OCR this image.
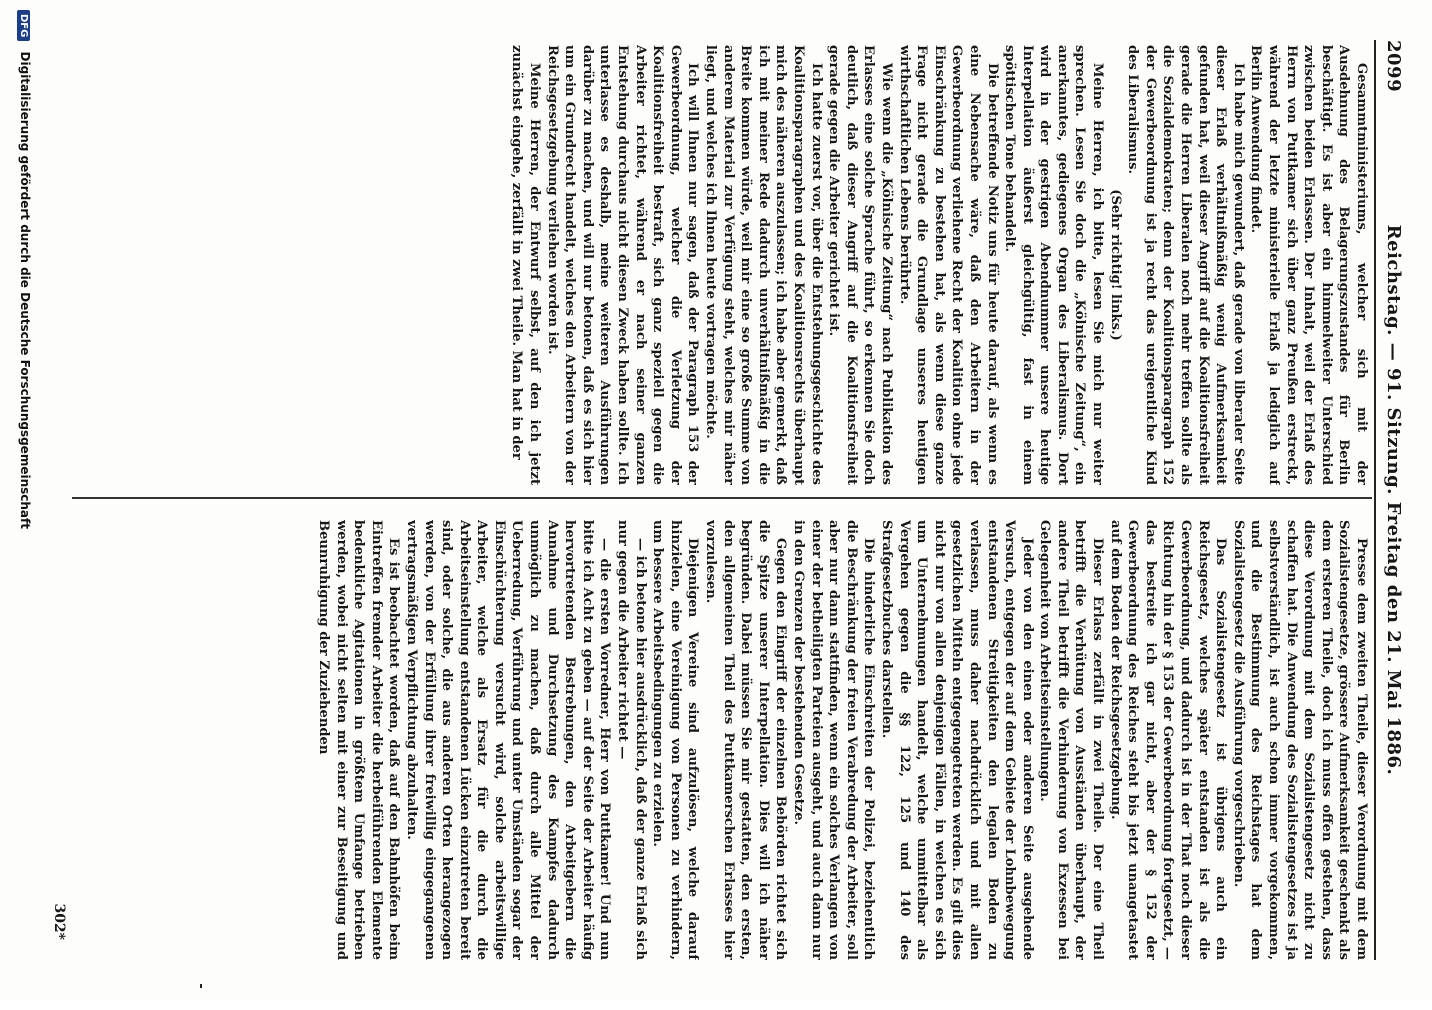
2099
Reichstag. — 91. Sitzung. Freitag den 21. Mai 1886.

Gesammtministeriums, welcher sich mit der Ausdehnung des Belagerungszustandes für Berlin beschäftigt. Es ist aber ein himmelweiter Unterschied zwischen beiden Erlassen. Der Inhalt, weil der Erlaß des Herrn von Puttkamer sich über ganz Preußen erstreckt, während der letzte ministerielle Erlaß ja lediglich auf Berlin Anwendung findet.

Ich habe mich gewundert, daß gerade von liberaler Seite dieser Erlaß verhältnißmäßig wenig Aufmerksamkeit gefunden hat, weil dieser Angriff auf die Koalitionsfreiheit gerade die Herren Liberalen noch mehr treffen sollte als die Sozialdemokraten; denn der Koalitionsparagraph 152 der Gewerbeordnung ist ja recht das ureigentliche Kind des Liberalismus.

(Sehr richtig! links.)

Meine Herren, ich bitte, lesen Sie mich nur weiter sprechen. Lesen Sie doch die „Kölnische Zeitung“, ein anerkanntes, gediegenes Organ des Liberalismus. Dort wird in der gestrigen Abendnummer unsere heutige Interpellation äußerst gleichgültig, fast in einem spöttischen Tone behandelt.

Die betreffende Notiz uns für heute darauf, als wenn es eine Nebensache wäre, daß den Arbeitern in der Gewerbeordnung verliehene Recht der Koalition ohne jede Einschränkung zu bestehen hat, als wenn diese ganze Frage nicht gerade die Grundlage unseres heutigen wirthschaftlichen Lebens berührte.

Wie wenn die „Kölnische Zeitung“ nach Publikation des Erlasses eine solche Sprache führt, so erkennen Sie doch deutlich, daß dieser Angriff auf die Koalitionsfreiheit gerade gegen die Arbeiter gerichtet ist.

Ich hatte zuerst vor, über die Entstehungsgeschichte des Koalitionsparagraphen und des Koalitionsrechts überhaupt mich des näheren auszulassen; ich habe aber gemerkt, daß ich mit meiner Rede dadurch unverhältnißmäßig in die Breite kommen würde, weil mir eine so große Summe von anderem Material zur Verfügung steht, welches mir näher liegt, und welches ich Ihnen heute vortragen möchte.

Ich will Ihnen nur sagen, daß der Paragraph 153 der Gewerbeordnung, welcher die Verletzung der Koalitionsfreiheit bestraft, sich ganz speziell gegen die Arbeiter richtet, während er nach seiner ganzen Entstehung durchaus nicht diesen Zweck haben sollte. Ich unterlasse es deshalb, meine weiteren Ausführungen darüber zu machen, und will nur betonen, daß es sich hier um ein Grundrecht handelt, welches den Arbeitern von der Reichsgesetzgebung verliehen worden ist.

Meine Herren, der Entwurf selbst, auf den ich jetzt zunächst eingehe, zerfällt in zwei Theile. Man hat in der

Presse dem zweiten Theile, dieser Verordnung mit dem Sozialistengesetze, grössere Aufmerksamkeit geschenkt als dem ersteren Theile, doch ich muss offen gestehen, dass diese Verordnung mit dem Sozialistengesetz nicht zu schaffen hat. Die Anwendung des Sozialistengesetzes ist ja selbstverständlich, ist auch schon immer vorgekommen, und die Bestimmung des Reichstages hat dem Sozialistengesetz die Ausführung vorgeschrieben.

Das Sozialistengesetz ist übrigens auch ein Reichsgesetz, welches später entstanden ist als die Gewerbeordnung, und dadurch ist in der That noch dieser Richtung hin der § 153 der Gewerbeordnung fortgesetzt, — das bestreite ich gar nicht, aber der § 152 der Gewerbeordnung des Reiches steht bis jetzt unangetastet auf dem Boden der Reichsgesetzgebung.

Dieser Erlass zerfällt in zwei Theile. Der eine Theil betrifft die Verhütung von Ausständen überhaupt, der andere Theil betrifft die Verhinderung von Exzessen bei Gelegenheit von Arbeitseinstellungen.

Jeder von den einen oder anderen Seite ausgehende Versuch, entgegen der auf dem Gebiete der Lohnbewegung entstandenen Streitigkeiten den legalen Boden zu verlassen, muss daher nachdrücklich und mit allen gesetzlichen Mitteln entgegengetreten werden. Es gilt dies nicht nur von allen denjenigen Fällen, in welchen es sich um Unternehmungen handelt, welche unmittelbar als Vergehen gegen die §§ 122, 125 und 140 des Strafgesetzbuches darstellen.

Die hinderliche Einschreiten der Polizei, beziehentlich die Beschränkung der freien Verabredung der Arbeiter, soll aber nur dann stattfinden, wenn ein solches Verlangen von einer der betheiligten Parteien ausgeht, und auch dann nur in den Grenzen der bestehenden Gesetze.

Gegen den Eingriff der einzelnen Behörden richtet sich die Spitze unserer Interpellation. Dies will ich näher begründen. Dabei müssen Sie mir gestatten, den ersten, den allgemeinen Theil des Puttkamerschen Erlasses hier vorzulesen.

Diejenigen Vereine sind aufzulösen, welche darauf hinzielen, eine Vereinigung von Personen zu verhindern, um bessere Arbeitsbedingungen zu erzielen.

— ich betone hier ausdrücklich, daß der ganze Erlaß sich nur gegen die Arbeiter richtet —

— die ersten Vorredner, Herr von Puttkamer! Und nun bitte ich Acht zu geben — auf der Seite der Arbeiter häufig hervortretenden Bestrebungen, den Arbeitgebern die Annahme und Durchsetzung des Kampfes dadurch unmöglich zu machen, daß durch alle Mittel der Ueberredung, Verführung und unter Umständen sogar der Einschüchterung versucht wird, solche arbeitswillige Arbeiter, welche als Ersatz für die durch die Arbeitseinstellung entstandenen Lücken einzutreten bereit sind, oder solche, die aus anderen Orten herangezogen werden, von der Erfüllung ihrer freiwillig eingegangenen vertragsmäßigen Verpflichtung abzuhalten.

Es ist beobachtet worden, daß auf den Bahnhöfen beim Eintreffen fremder Arbeiter die herbeiführenden Elemente bedenkliche Agitationen in größtem Umfange betrieben werden, wobei nicht selten mit einer zur Beseitigung und Beunruhigung der Zuziehenden

302*
DFG Digitalisierung gefördert durch die Deutsche Forschungsgemeinschaft
